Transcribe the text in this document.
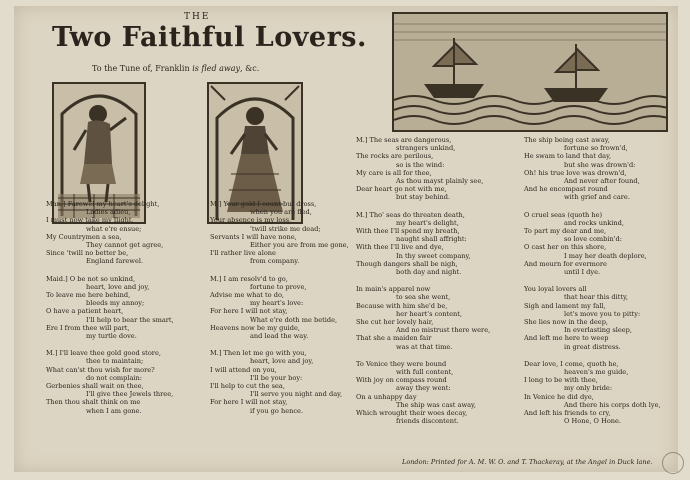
THE
Two Faithful Lovers.
To the Tune of, Franklin is fled away, &c.
Man.] Farewel my heart's delight,
Ladies adieu,
I must now take my flight,
what e're ensue;
My Countrymen a sea,
They cannot get agree,
Since 'twill no better be,
England farewel.
Maid.] O be not so unkind,
heart, love and joy,
To leave me here behind,
bleeds my annoy;
O have a patient heart,
I'll help to bear the smart,
Ere I from thee will part,
my turtle dove.
M.] I'll leave thee gold good store,
thee to maintain;
What can'st thou wish for more?
do not complain:
Gerbenies shall wait on thee,
I'll give thee Jewels three,
Then thou shalt think on me
when I am gone.
M.] Your gold I count but dross,
when you are fled,
Your absence is my loss,
'twill strike me dead;
Servants I will have none,
Either you are from me gone,
I'll rather live alone
from company.
M.] I am resolv'd to go,
fortune to prove,
Advise me what to do,
my heart's love:
For here I will not stay,
What e're doth me betide,
Heavens now be my guide,
and lead the way.
M.] Then let me go with you,
heart, love and joy,
I will attend on you,
I'll be your boy:
I'll help to cut the sea,
I'll serve you night and day,
For here I will not stay,
if you go hence.
M.] The seas are dangerous,
strangers unkind,
The rocks are perilous,
so is the wind:
My care is all for thee,
As thou mayst plainly see,
Dear heart go not with me,
but stay behind.
M.] Tho' seas do threaten death,
my heart's delight,
With thee I'll spend my breath,
naught shall affright:
With thee I'll live and dye,
In thy sweet company,
Though dangers shall be nigh,
both day and night.
In main's apparel now
to sea she went,
Because with him she'd be,
her heart's content,
She cut her lovely hair,
And no mistrust there were,
That she a maiden fair
was at that time.
To Venice they were bound
with full content,
With joy on compass round
away they went:
On a unhappy day
The ship was cast away,
Which wrought their woes decay,
friends discontent.
The ship being cast away,
fortune so frown'd,
He swam to land that day,
but she was drown'd:
Oh! his true love was drown'd,
And never after found,
And he encompast round
with grief and care.
O cruel seas (quoth he)
and rocks unkind,
To part my dear and me,
so love combin'd:
O cast her on this shore,
I may her death deplore,
And mourn for evermore
until I dye.
You loyal lovers all
that hear this ditty,
Sigh and lament my fall,
let's move you to pitty:
She lies now in the deep,
In everlasting sleep,
And left me here to weep
in great distress.
Dear love, I come, quoth he,
heaven's me guide,
I long to be with thee,
my only bride:
In Venice he did dye,
And there his corps doth lye,
And left his friends to cry,
O Hone, O Hone.
London: Printed for A. M. W. O. and T. Thackeray, at the Angel in Duck lane.
